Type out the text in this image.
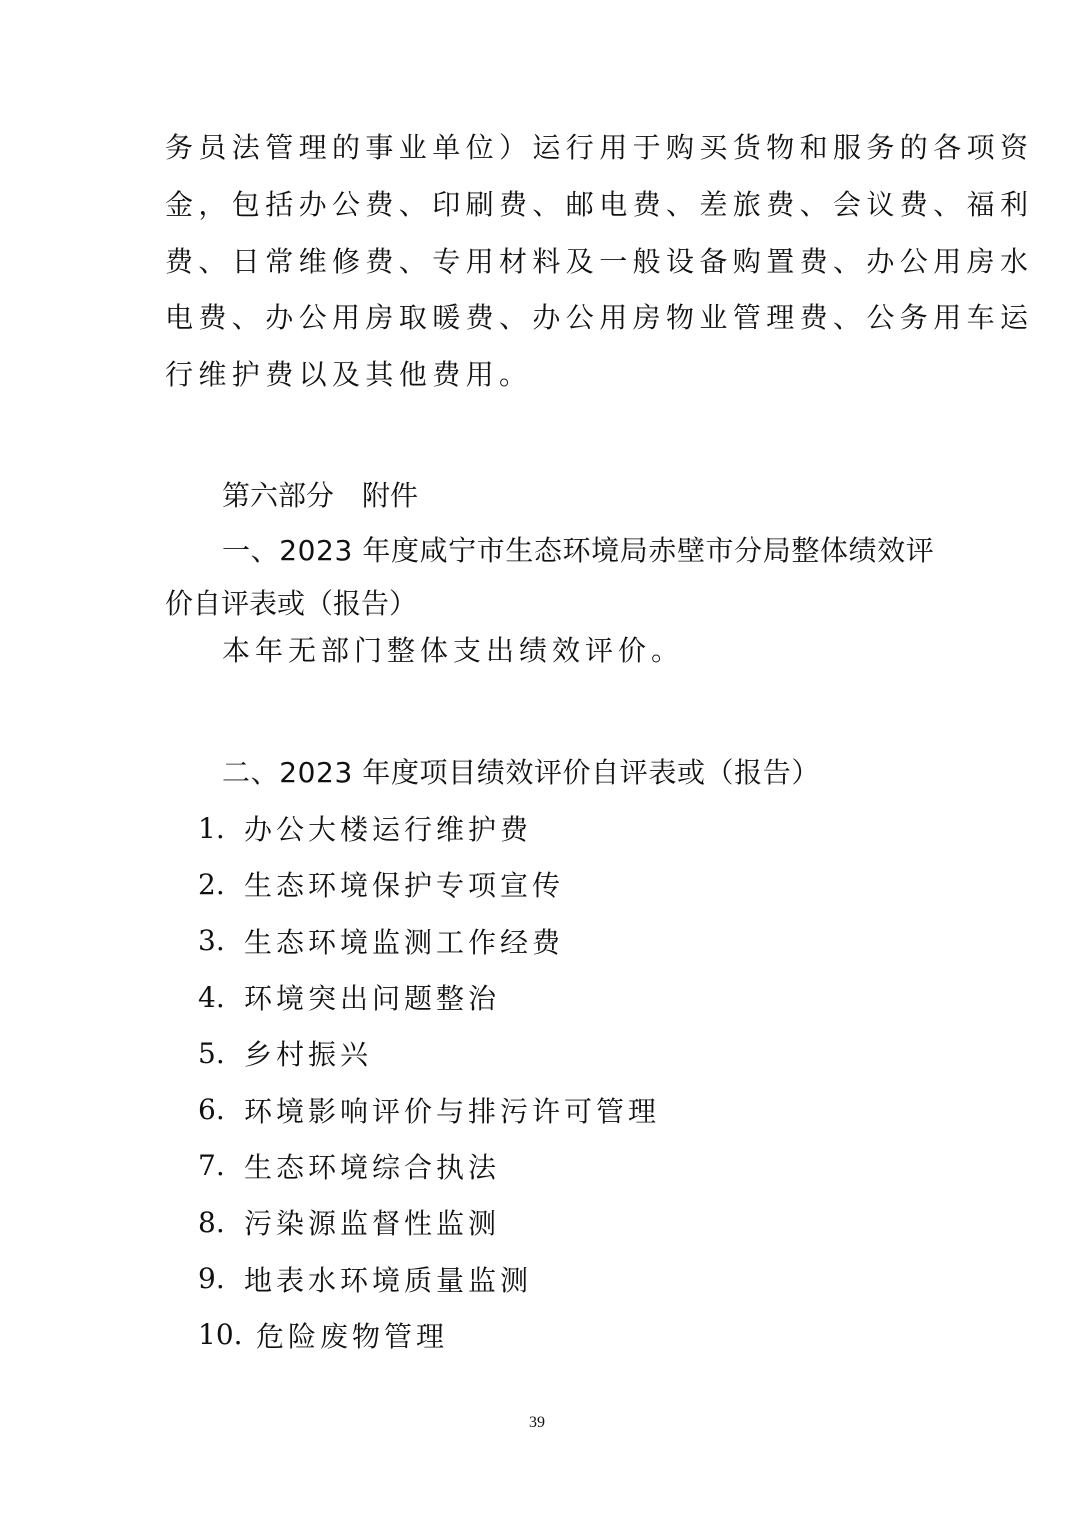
务员法管理的事业单位）运行用于购买货物和服务的各项资
金，包括办公费、印刷费、邮电费、差旅费、会议费、福利
费、日常维修费、专用材料及一般设备购置费、办公用房水
电费、办公用房取暖费、办公用房物业管理费、公务用车运
行维护费以及其他费用。
第六部分　附件
一、2023 年度咸宁市生态环境局赤壁市分局整体绩效评
价自评表或（报告）
本年无部门整体支出绩效评价。
二、2023 年度项目绩效评价自评表或（报告）
1. 办公大楼运行维护费
2. 生态环境保护专项宣传
3. 生态环境监测工作经费
4. 环境突出问题整治
5. 乡村振兴
6. 环境影响评价与排污许可管理
7. 生态环境综合执法
8. 污染源监督性监测
9. 地表水环境质量监测
10. 危险废物管理
39
